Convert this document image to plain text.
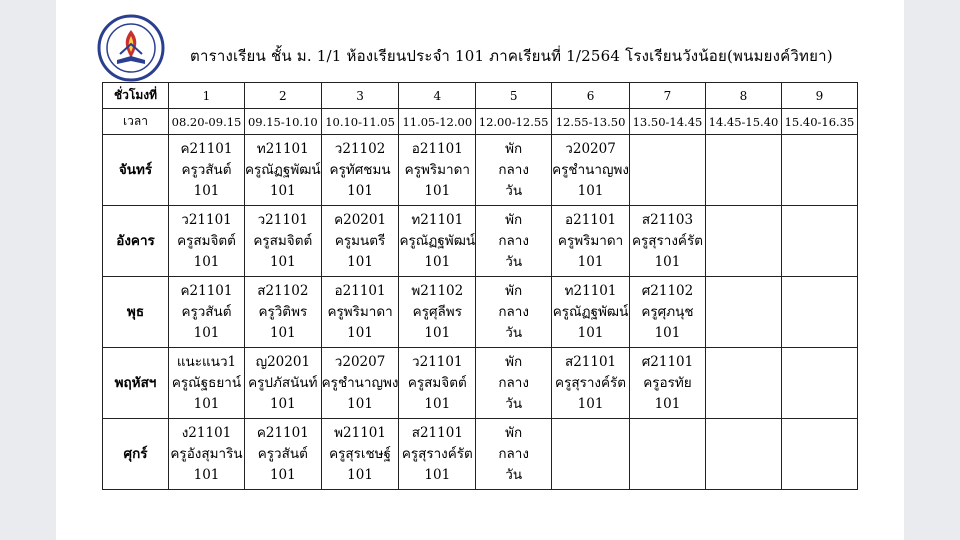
ตารางเรียน ชั้น ม. 1/1 ห้องเรียนประจำ 101 ภาคเรียนที่ 1/2564 โรงเรียนวังน้อย(พนมยงค์วิทยา)
ชั่วโมงที่	1	2	3	4	5	6	7	8	9
เวลา	08.20-09.15	09.15-10.10	10.10-11.05	11.05-12.00	12.00-12.55	12.55-13.50	13.50-14.45	14.45-15.40	15.40-16.35
จันทร์	ค21101
ครูวสันต์
101	ท21101
ครูณัฏฐพัฒน์
101	ว21102
ครูทัศชมน
101	อ21101
ครูพริมาดา
101	พัก
กลาง
วัน	ว20207
ครูชำนาญพง
101			

อังคาร	ว21101
ครูสมจิตต์
101	ว21101
ครูสมจิตต์
101	ค20201
ครูมนตรี
101	ท21101
ครูณัฏฐพัฒน์
101	พัก
กลาง
วัน	อ21101
ครูพริมาดา
101	ส21103
ครูสุรางค์รัต
101		

พุธ	ค21101
ครูวสันต์
101	ส21102
ครูวิติพร
101	อ21101
ครูพริมาดา
101	พ21102
ครูศุลีพร
101	พัก
กลาง
วัน	ท21101
ครูณัฏฐพัฒน์
101	ศ21102
ครูศุภนุช
101		

พฤหัสฯ	แนะแนว1
ครูณัฐธยาน์
101	ญ20201
ครูปภัสนันท์
101	ว20207
ครูชำนาญพง
101	ว21101
ครูสมจิตต์
101	พัก
กลาง
วัน	ส21101
ครูสุรางค์รัต
101	ศ21101
ครูอรทัย
101		

ศุกร์	ง21101
ครูอังสุมาริน
101	ค21101
ครูวสันต์
101	พ21101
ครูสุรเชษฐ์
101	ส21101
ครูสุรางค์รัต
101	พัก
กลาง
วัน				
